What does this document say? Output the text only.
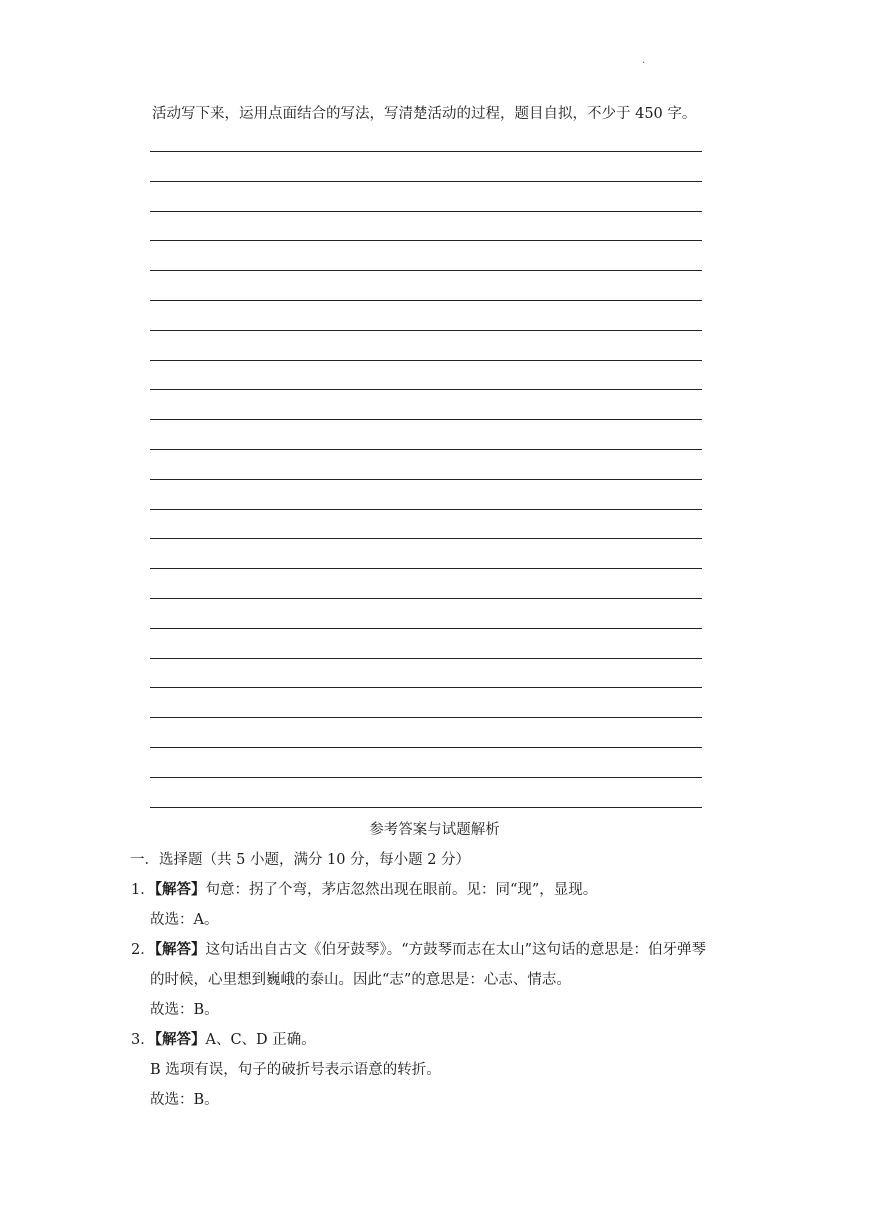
.
活动写下来，运用点面结合的写法，写清楚活动的过程，题目自拟，不少于 450 字。
参考答案与试题解析
一．选择题（共 5 小题，满分 10 分，每小题 2 分）
1．【解答】句意：拐了个弯，茅店忽然出现在眼前。见：同“现”，显现。
故选：A。
2．【解答】这句话出自古文《伯牙鼓琴》。“方鼓琴而志在太山”这句话的意思是：伯牙弹琴
的时候，心里想到巍峨的泰山。因此“志”的意思是：心志、情志。
故选：B。
3．【解答】A、C、D 正确。
B 选项有误，句子的破折号表示语意的转折。
故选：B。
